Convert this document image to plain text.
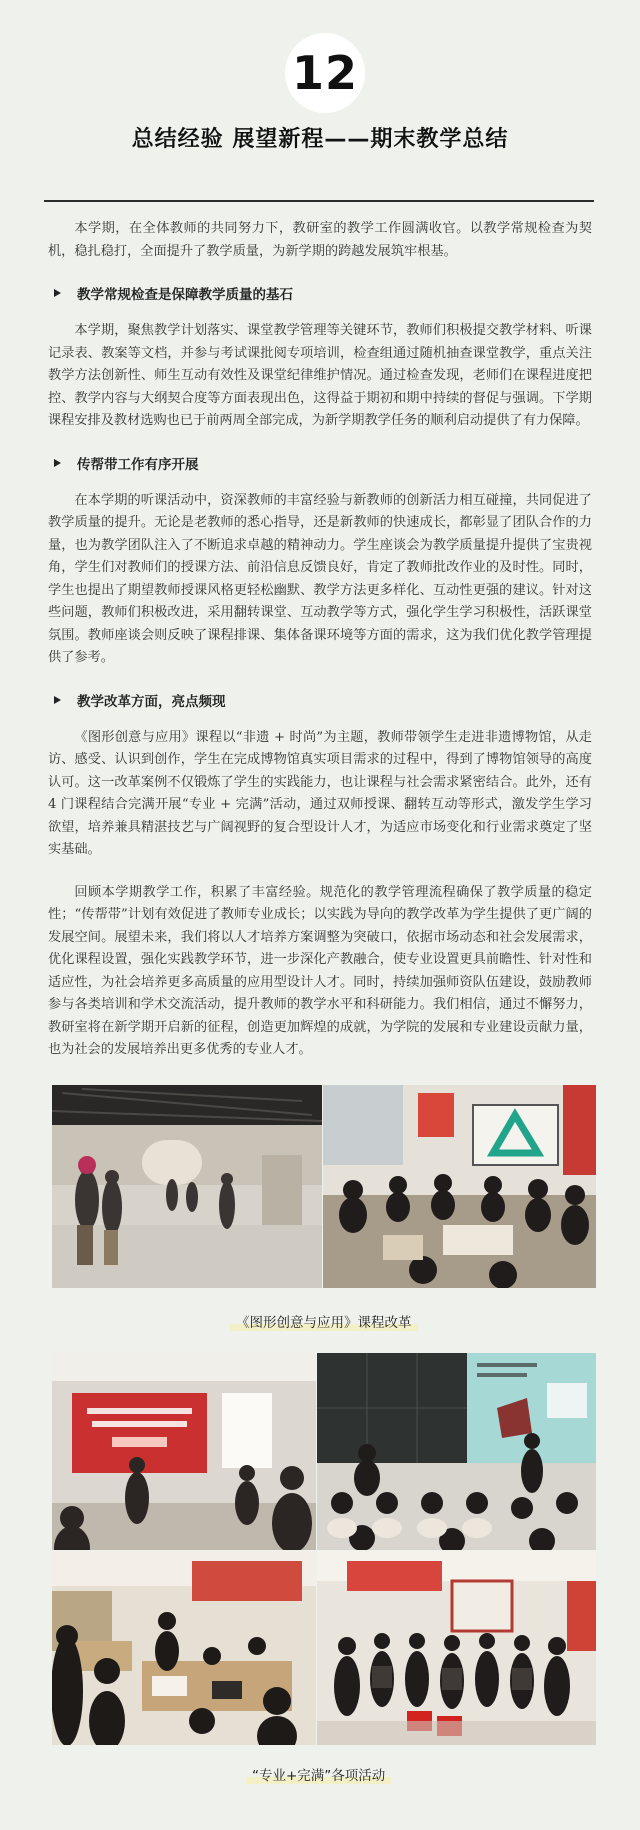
12
总结经验 展望新程——期末教学总结

本学期，在全体教师的共同努力下，教研室的教学工作圆满收官。以教学常规检查为契机，稳扎稳打，全面提升了教学质量，为新学期的跨越发展筑牢根基。

教学常规检查是保障教学质量的基石

本学期，聚焦教学计划落实、课堂教学管理等关键环节，教师们积极提交教学材料、听课记录表、教案等文档，并参与考试课批阅专项培训，检查组通过随机抽查课堂教学，重点关注教学方法创新性、师生互动有效性及课堂纪律维护情况。通过检查发现，老师们在课程进度把控、教学内容与大纲契合度等方面表现出色，这得益于期初和期中持续的督促与强调。下学期课程安排及教材选购也已于前两周全部完成，为新学期教学任务的顺利启动提供了有力保障。

传帮带工作有序开展

在本学期的听课活动中，资深教师的丰富经验与新教师的创新活力相互碰撞，共同促进了教学质量的提升。无论是老教师的悉心指导，还是新教师的快速成长，都彰显了团队合作的力量，也为教学团队注入了不断追求卓越的精神动力。学生座谈会为教学质量提升提供了宝贵视角，学生们对教师们的授课方法、前沿信息反馈良好，肯定了教师批改作业的及时性。同时，学生也提出了期望教师授课风格更轻松幽默、教学方法更多样化、互动性更强的建议。针对这些问题，教师们积极改进，采用翻转课堂、互动教学等方式，强化学生学习积极性，活跃课堂氛围。教师座谈会则反映了课程排课、集体备课环境等方面的需求，这为我们优化教学管理提供了参考。

教学改革方面，亮点频现

《图形创意与应用》课程以“非遗 + 时尚”为主题，教师带领学生走进非遗博物馆，从走访、感受、认识到创作，学生在完成博物馆真实项目需求的过程中，得到了博物馆领导的高度认可。这一改革案例不仅锻炼了学生的实践能力，也让课程与社会需求紧密结合。此外，还有 4 门课程结合完满开展“专业 + 完满”活动，通过双师授课、翻转互动等形式，激发学生学习欲望，培养兼具精湛技艺与广阔视野的复合型设计人才，为适应市场变化和行业需求奠定了坚实基础。

回顾本学期教学工作，积累了丰富经验。规范化的教学管理流程确保了教学质量的稳定性；“传帮带”计划有效促进了教师专业成长；以实践为导向的教学改革为学生提供了更广阔的发展空间。展望未来，我们将以人才培养方案调整为突破口，依据市场动态和社会发展需求，优化课程设置，强化实践教学环节，进一步深化产教融合，使专业设置更具前瞻性、针对性和适应性，为社会培养更多高质量的应用型设计人才。同时，持续加强师资队伍建设，鼓励教师参与各类培训和学术交流活动，提升教师的教学水平和科研能力。我们相信，通过不懈努力，教研室将在新学期开启新的征程，创造更加辉煌的成就，为学院的发展和专业建设贡献力量，也为社会的发展培养出更多优秀的专业人才。

《图形创意与应用》课程改革
“专业+完满”各项活动
